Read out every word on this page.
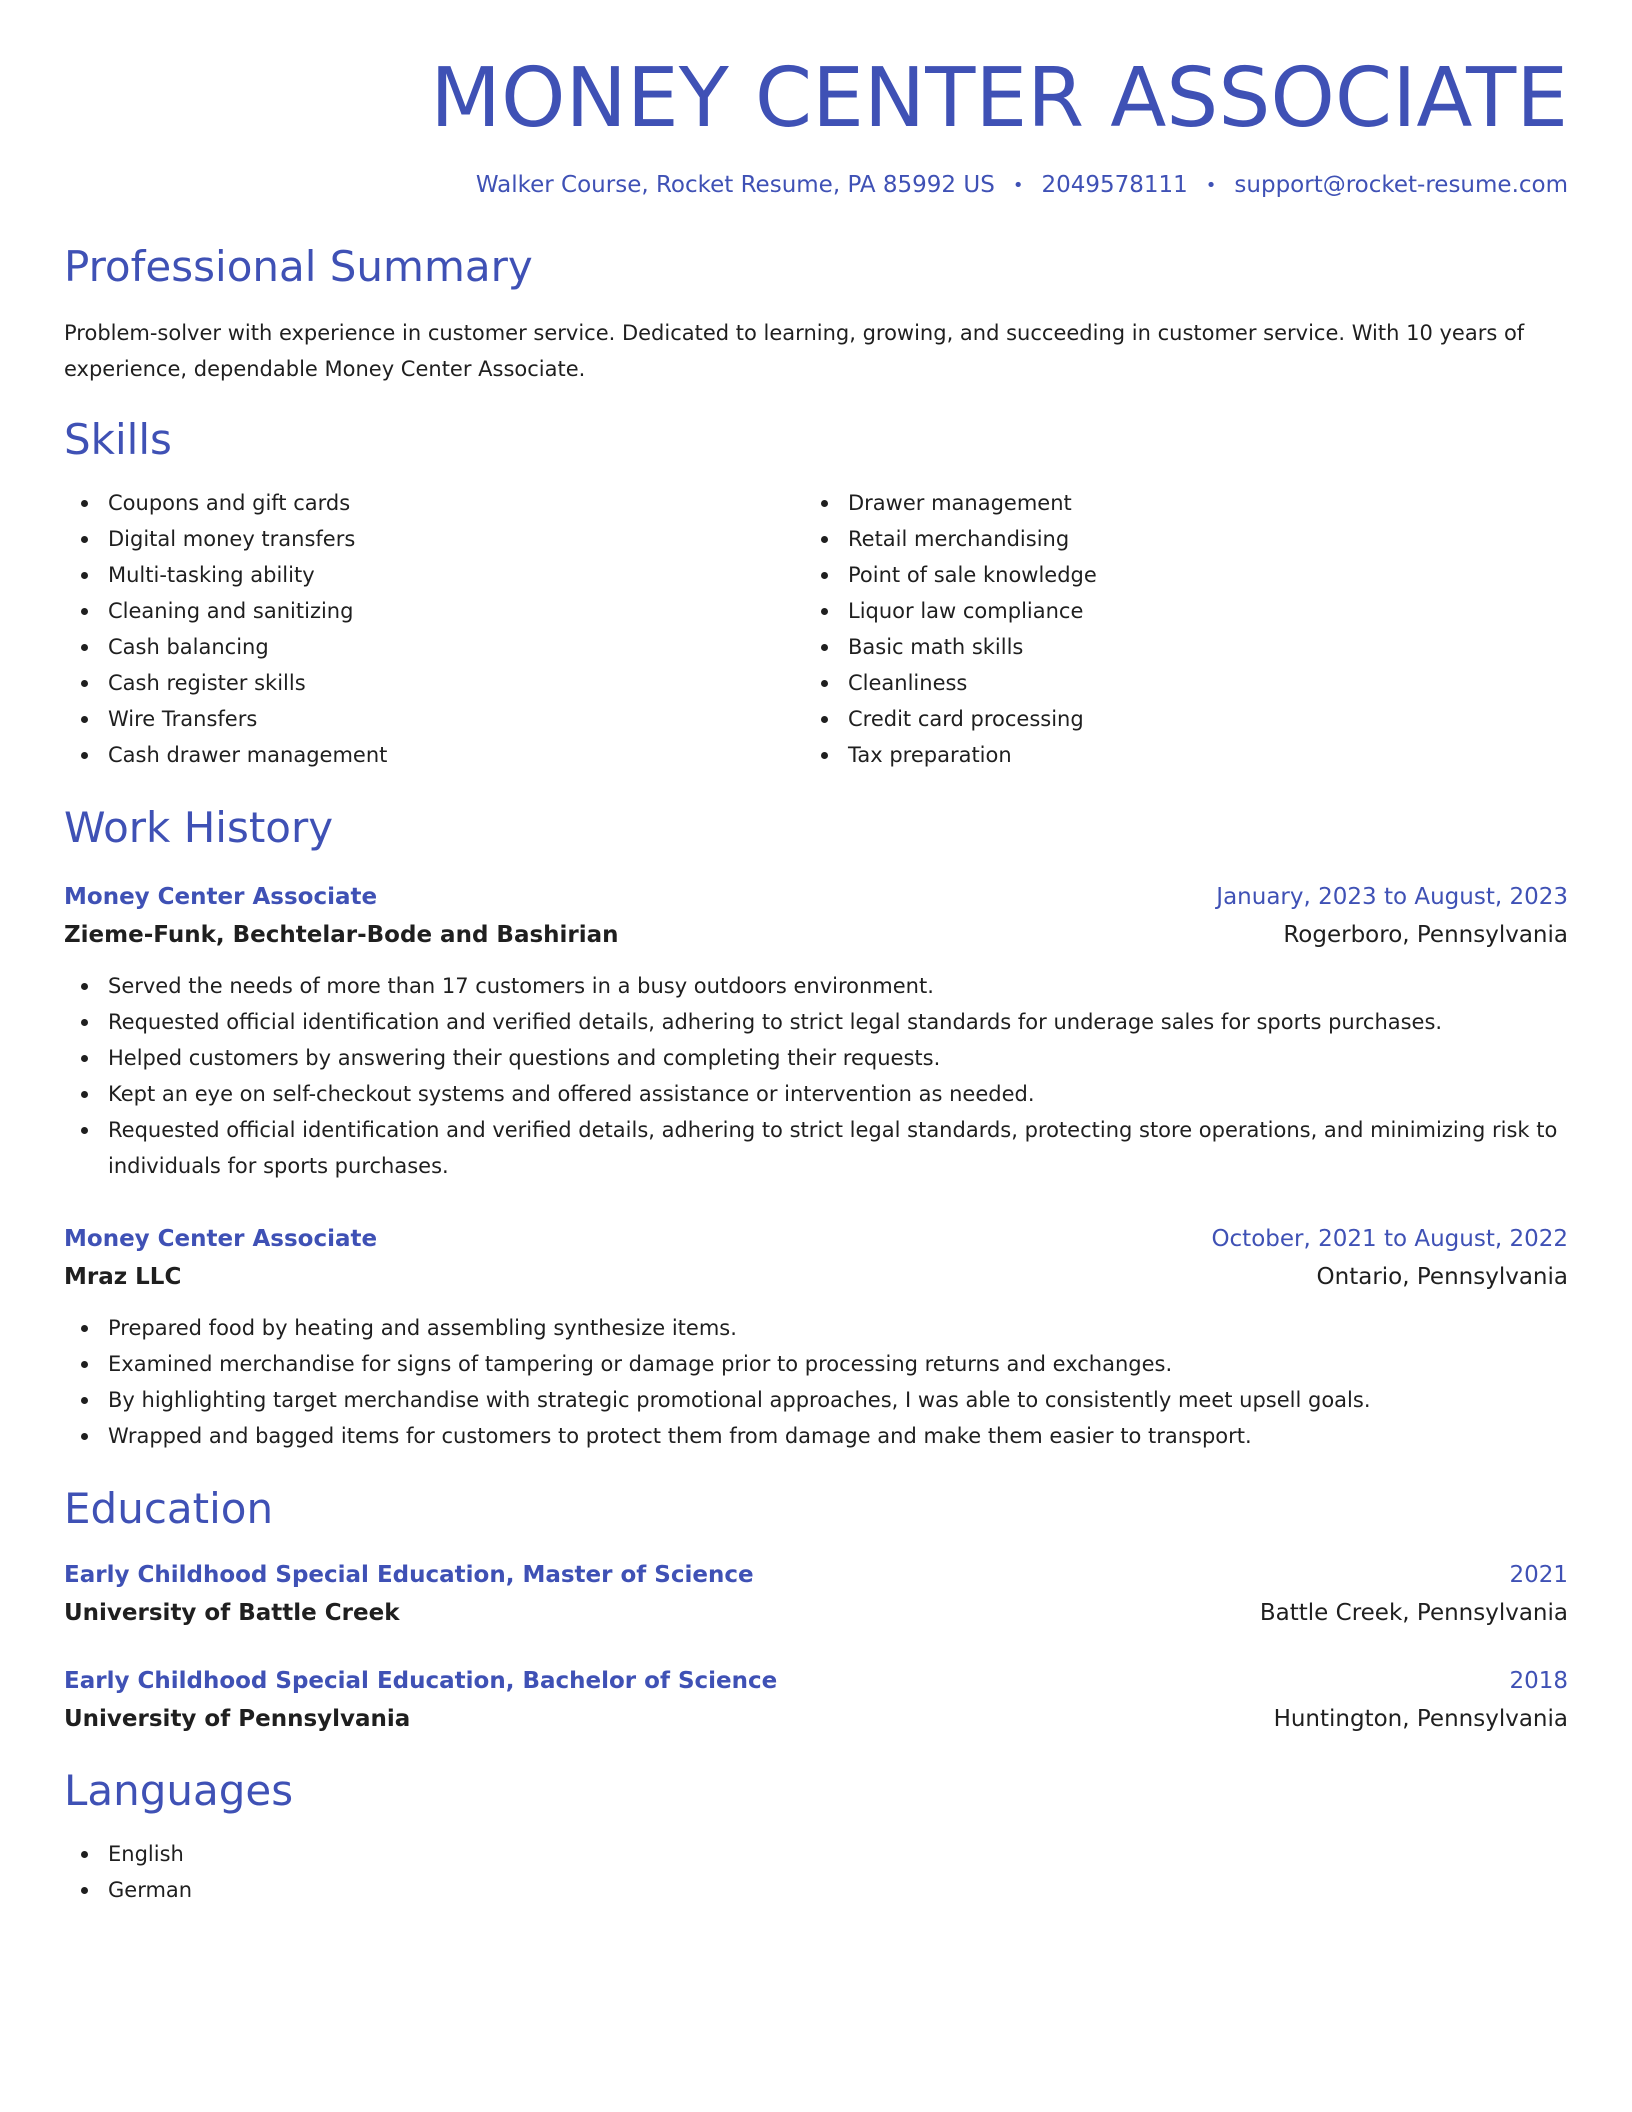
MONEY CENTER ASSOCIATE
Walker Course, Rocket Resume, PA 85992 US • 2049578111 • support@rocket-resume.com
Professional Summary

Problem-solver with experience in customer service. Dedicated to learning, growing, and succeeding in customer service. With 10 years of experience, dependable Money Center Associate.

Skills
Coupons and gift cards
Digital money transfers
Multi-tasking ability
Cleaning and sanitizing
Cash balancing
Cash register skills
Wire Transfers
Cash drawer management
Drawer management
Retail merchandising
Point of sale knowledge
Liquor law compliance
Basic math skills
Cleanliness
Credit card processing
Tax preparation
Work History
Money Center Associate	January, 2023 to August, 2023
Zieme-Funk, Bechtelar-Bode and Bashirian	Rogerboro, Pennsylvania
Served the needs of more than 17 customers in a busy outdoors environment.
Requested official identification and verified details, adhering to strict legal standards for underage sales for sports purchases.
Helped customers by answering their questions and completing their requests.
Kept an eye on self-checkout systems and offered assistance or intervention as needed.
Requested official identification and verified details, adhering to strict legal standards, protecting store operations, and minimizing risk to individuals for sports purchases.
Money Center Associate	October, 2021 to August, 2022
Mraz LLC	Ontario, Pennsylvania
Prepared food by heating and assembling synthesize items.
Examined merchandise for signs of tampering or damage prior to processing returns and exchanges.
By highlighting target merchandise with strategic promotional approaches, I was able to consistently meet upsell goals.
Wrapped and bagged items for customers to protect them from damage and make them easier to transport.
Education
Early Childhood Special Education, Master of Science	2021
University of Battle Creek	Battle Creek, Pennsylvania
Early Childhood Special Education, Bachelor of Science	2018
University of Pennsylvania	Huntington, Pennsylvania
Languages
English
German
